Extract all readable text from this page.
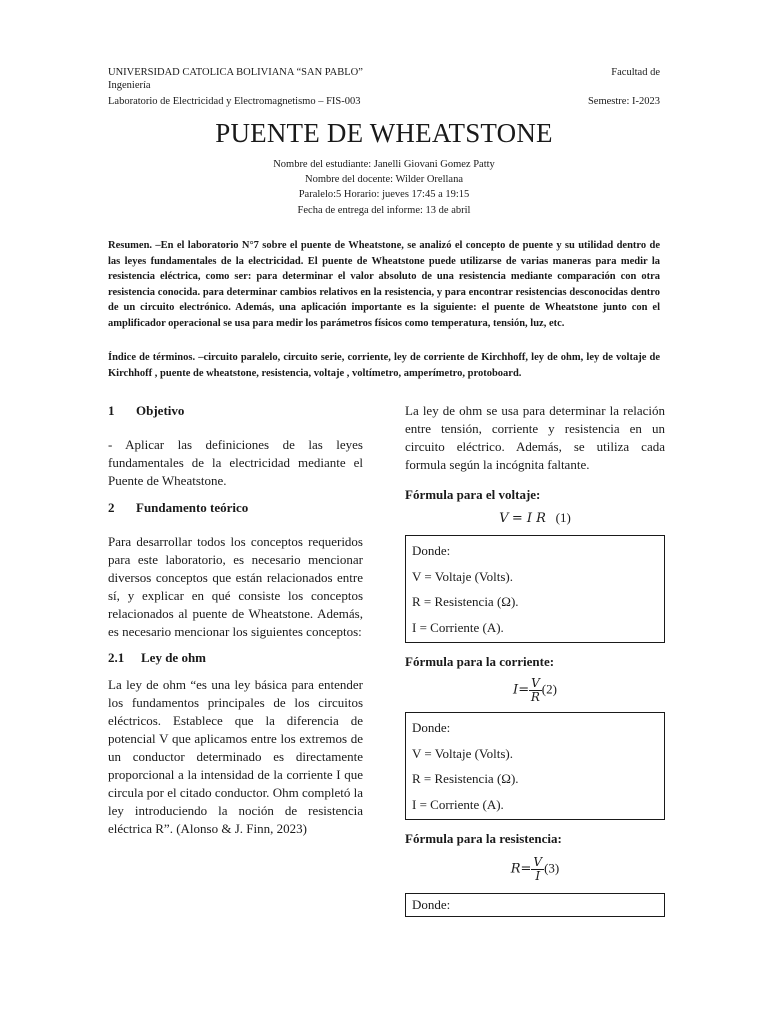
UNIVERSIDAD CATOLICA BOLIVIANA “SAN PABLO”	Facultad de
Ingeniería
Laboratorio de Electricidad y Electromagnetismo – FIS-003	Semestre: I-2023
PUENTE DE WHEATSTONE
Nombre del estudiante: Janelli Giovani Gomez Patty
Nombre del docente: Wilder Orellana
Paralelo:5 Horario: jueves 17:45 a 19:15
Fecha de entrega del informe: 13 de abril
Resumen. –En el laboratorio N°7 sobre el puente de Wheatstone, se analizó el concepto de puente y su utilidad dentro de las leyes fundamentales de la electricidad. El puente de Wheatstone puede utilizarse de varias maneras para medir la resistencia eléctrica, como ser: para determinar el valor absoluto de una resistencia mediante comparación con otra resistencia conocida. para determinar cambios relativos en la resistencia, y para encontrar resistencias desconocidas dentro de un circuito electrónico. Además, una aplicación importante es la siguiente: el puente de Wheatstone junto con el amplificador operacional se usa para medir los parámetros físicos como temperatura, tensión, luz, etc.
Índice de términos. –circuito paralelo, circuito serie, corriente, ley de corriente de Kirchhoff, ley de ohm, ley de voltaje de Kirchhoff , puente de wheatstone, resistencia, voltaje , voltímetro, amperímetro, protoboard.
1	Objetivo

- Aplicar las definiciones de las leyes fundamentales de la electricidad mediante el Puente de Wheatstone.

2	Fundamento teórico

Para desarrollar todos los conceptos requeridos para este laboratorio, es necesario mencionar diversos conceptos que están relacionados entre sí, y explicar en qué consiste los conceptos relacionados al puente de Wheatstone. Además, es necesario mencionar los siguientes conceptos:

2.1	Ley de ohm

La ley de ohm “es una ley básica para entender los fundamentos principales de los circuitos eléctricos. Establece que la diferencia de potencial V que aplicamos entre los extremos de un conductor determinado es directamente proporcional a la intensidad de la corriente I que circula por el citado conductor. Ohm completó la ley introduciendo la noción de resistencia eléctrica R”. (Alonso & J. Finn, 2023)

La ley de ohm se usa para determinar la relación entre tensión, corriente y resistencia en un circuito eléctrico. Además, se utiliza cada formula según la incógnita faltante.

Fórmula para el voltaje:

V = I R (1)
Donde:
V = Voltaje (Volts).
R = Resistencia (Ω).
I = Corriente (A).

Fórmula para la corriente:

$I= \frac{V}{R} (2)$
Donde:
V = Voltaje (Volts).
R = Resistencia (Ω).
I = Corriente (A).

Fórmula para la resistencia:

$R= \frac{V}{I} (3)$
Donde:
